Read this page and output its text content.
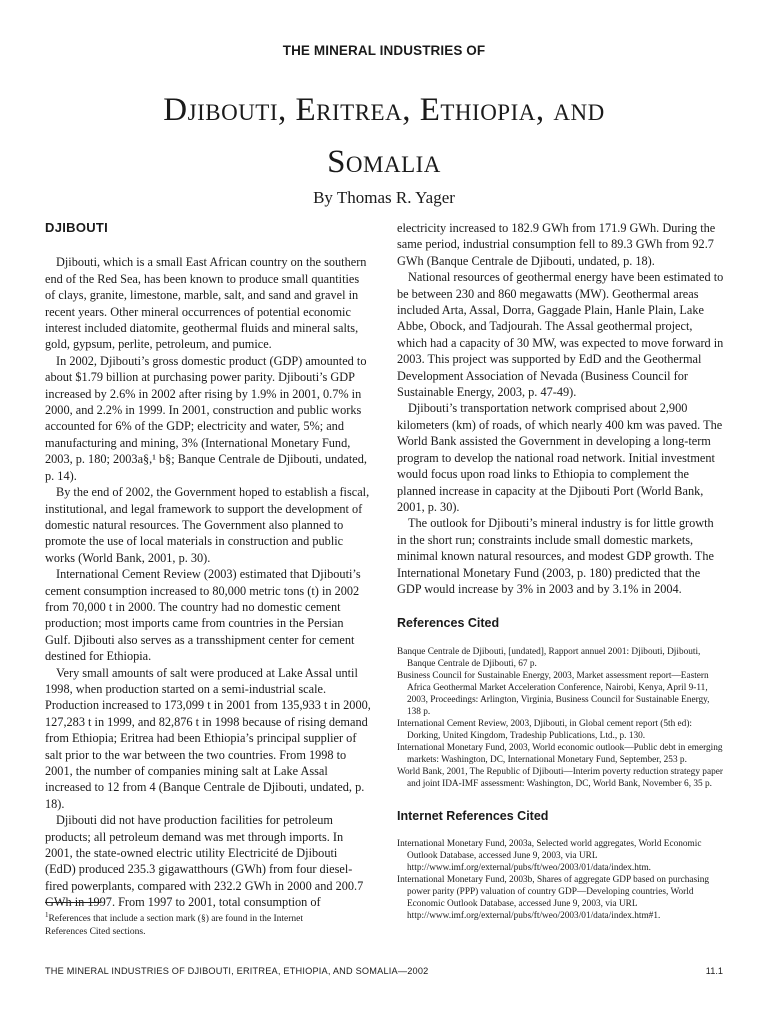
THE MINERAL INDUSTRIES OF
Djibouti, Eritrea, Ethiopia, and
Somalia
By Thomas R. Yager
DJIBOUTI

Djibouti, which is a small East African country on the southern end of the Red Sea, has been known to produce small quantities of clays, granite, limestone, marble, salt, and sand and gravel in recent years. Other mineral occurrences of potential economic interest included diatomite, geothermal fluids and mineral salts, gold, gypsum, perlite, petroleum, and pumice.

In 2002, Djibouti’s gross domestic product (GDP) amounted to about $1.79 billion at purchasing power parity. Djibouti’s GDP increased by 2.6% in 2002 after rising by 1.9% in 2001, 0.7% in 2000, and 2.2% in 1999. In 2001, construction and public works accounted for 6% of the GDP; electricity and water, 5%; and manufacturing and mining, 3% (International Monetary Fund, 2003, p. 180; 2003a§,¹ b§; Banque Centrale de Djibouti, undated, p. 14).

By the end of 2002, the Government hoped to establish a fiscal, institutional, and legal framework to support the development of domestic natural resources. The Government also planned to promote the use of local materials in construction and public works (World Bank, 2001, p. 30).

International Cement Review (2003) estimated that Djibouti’s cement consumption increased to 80,000 metric tons (t) in 2002 from 70,000 t in 2000. The country had no domestic cement production; most imports came from countries in the Persian Gulf. Djibouti also serves as a transshipment center for cement destined for Ethiopia.

Very small amounts of salt were produced at Lake Assal until 1998, when production started on a semi-industrial scale. Production increased to 173,099 t in 2001 from 135,933 t in 2000, 127,283 t in 1999, and 82,876 t in 1998 because of rising demand from Ethiopia; Eritrea had been Ethiopia’s principal supplier of salt prior to the war between the two countries. From 1998 to 2001, the number of companies mining salt at Lake Assal increased to 12 from 4 (Banque Centrale de Djibouti, undated, p. 18).

Djibouti did not have production facilities for petroleum products; all petroleum demand was met through imports. In 2001, the state-owned electric utility Electricité de Djibouti (EdD) produced 235.3 gigawatthours (GWh) from four diesel-fired powerplants, compared with 232.2 GWh in 2000 and 200.7 GWh in 1997. From 1997 to 2001, total consumption of

electricity increased to 182.9 GWh from 171.9 GWh. During the same period, industrial consumption fell to 89.3 GWh from 92.7 GWh (Banque Centrale de Djibouti, undated, p. 18).

National resources of geothermal energy have been estimated to be between 230 and 860 megawatts (MW). Geothermal areas included Arta, Assal, Dorra, Gaggade Plain, Hanle Plain, Lake Abbe, Obock, and Tadjourah. The Assal geothermal project, which had a capacity of 30 MW, was expected to move forward in 2003. This project was supported by EdD and the Geothermal Development Association of Nevada (Business Council for Sustainable Energy, 2003, p. 47-49).

Djibouti’s transportation network comprised about 2,900 kilometers (km) of roads, of which nearly 400 km was paved. The World Bank assisted the Government in developing a long-term program to develop the national road network. Initial investment would focus upon road links to Ethiopia to complement the planned increase in capacity at the Djibouti Port (World Bank, 2001, p. 30).

The outlook for Djibouti’s mineral industry is for little growth in the short run; constraints include small domestic markets, minimal known natural resources, and modest GDP growth. The International Monetary Fund (2003, p. 180) predicted that the GDP would increase by 3% in 2003 and by 3.1% in 2004.

References Cited

Banque Centrale de Djibouti, [undated], Rapport annuel 2001: Djibouti, Djibouti, Banque Centrale de Djibouti, 67 p.

Business Council for Sustainable Energy, 2003, Market assessment report—Eastern Africa Geothermal Market Acceleration Conference, Nairobi, Kenya, April 9-11, 2003, Proceedings: Arlington, Virginia, Business Council for Sustainable Energy, 138 p.

International Cement Review, 2003, Djibouti, in Global cement report (5th ed): Dorking, United Kingdom, Tradeship Publications, Ltd., p. 130.

International Monetary Fund, 2003, World economic outlook—Public debt in emerging markets: Washington, DC, International Monetary Fund, September, 253 p.

World Bank, 2001, The Republic of Djibouti—Interim poverty reduction strategy paper and joint IDA-IMF assessment: Washington, DC, World Bank, November 6, 35 p.

Internet References Cited

International Monetary Fund, 2003a, Selected world aggregates, World Economic Outlook Database, accessed June 9, 2003, via URL http://www.imf.org/external/pubs/ft/weo/2003/01/data/index.htm.

International Monetary Fund, 2003b, Shares of aggregate GDP based on purchasing power parity (PPP) valuation of country GDP—Developing countries, World Economic Outlook Database, accessed June 9, 2003, via URL http://www.imf.org/external/pubs/ft/weo/2003/01/data/index.htm#1.

$^1$References that include a section mark (§) are found in the Internet References Cited sections.
THE MINERAL INDUSTRIES OF DJIBOUTI, ERITREA, ETHIOPIA, AND SOMALIA—2002	11.1
